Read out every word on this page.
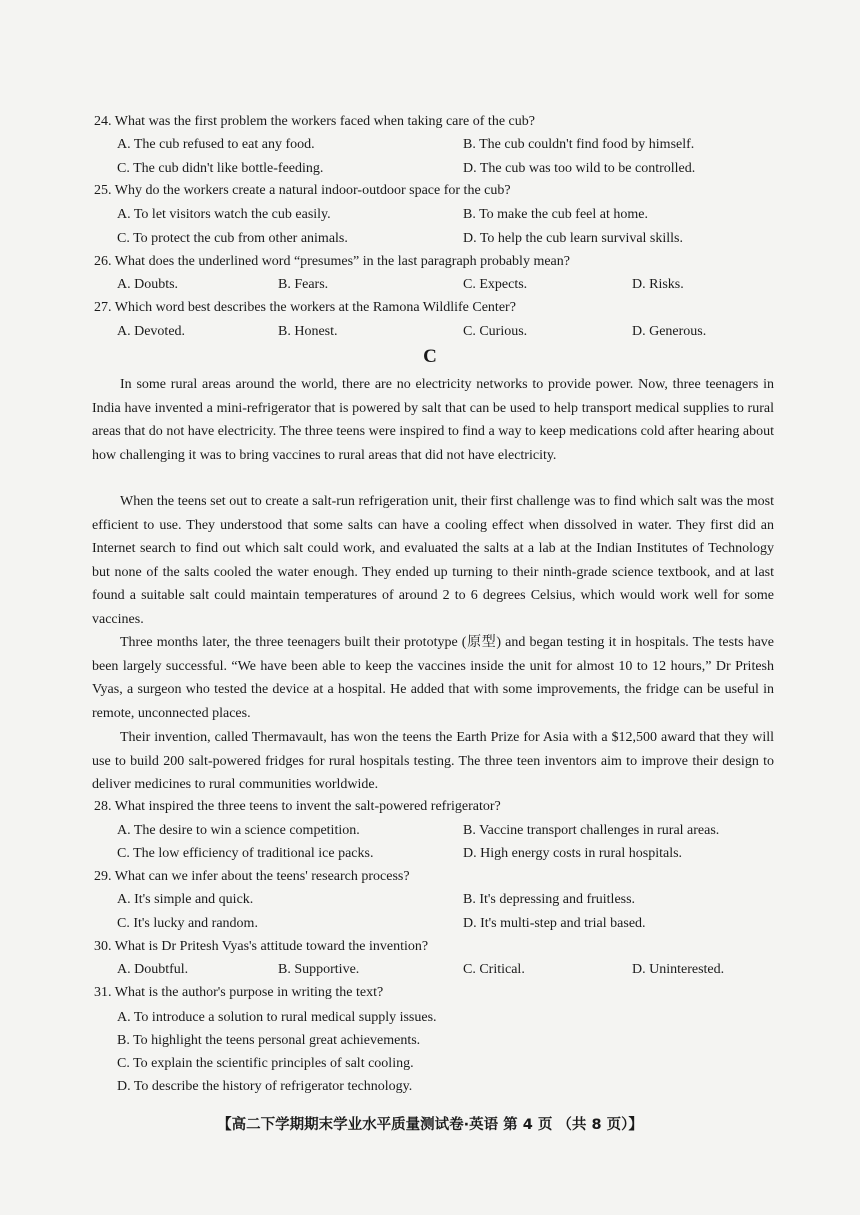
24. What was the first problem the workers faced when taking care of the cub?
A. The cub refused to eat any food.	B. The cub couldn't find food by himself.
C. The cub didn't like bottle-feeding.	D. The cub was too wild to be controlled.
25. Why do the workers create a natural indoor-outdoor space for the cub?
A. To let visitors watch the cub easily.	B. To make the cub feel at home.
C. To protect the cub from other animals.	D. To help the cub learn survival skills.
26. What does the underlined word “presumes” in the last paragraph probably mean?
A. Doubts.	B. Fears.	C. Expects.	D. Risks.
27. Which word best describes the workers at the Ramona Wildlife Center?
A. Devoted.	B. Honest.	C. Curious.	D. Generous.
C

In some rural areas around the world, there are no electricity networks to provide power. Now, three teenagers in India have invented a mini-refrigerator that is powered by salt that can be used to help transport medical supplies to rural areas that do not have electricity. The three teens were inspired to find a way to keep medications cold after hearing about how challenging it was to bring vaccines to rural areas that did not have electricity.

When the teens set out to create a salt-run refrigeration unit, their first challenge was to find which salt was the most efficient to use. They understood that some salts can have a cooling effect when dissolved in water. They first did an Internet search to find out which salt could work, and evaluated the salts at a lab at the Indian Institutes of Technology but none of the salts cooled the water enough. They ended up turning to their ninth-grade science textbook, and at last found a suitable salt could maintain temperatures of around 2 to 6 degrees Celsius, which would work well for some vaccines.

Three months later, the three teenagers built their prototype (原型) and began testing it in hospitals. The tests have been largely successful. “We have been able to keep the vaccines inside the unit for almost 10 to 12 hours,” Dr Pritesh Vyas, a surgeon who tested the device at a hospital. He added that with some improvements, the fridge can be useful in remote, unconnected places.

Their invention, called Thermavault, has won the teens the Earth Prize for Asia with a $12,500 award that they will use to build 200 salt-powered fridges for rural hospitals testing. The three teen inventors aim to improve their design to deliver medicines to rural communities worldwide.

28. What inspired the three teens to invent the salt-powered refrigerator?
A. The desire to win a science competition.	B. Vaccine transport challenges in rural areas.
C. The low efficiency of traditional ice packs.	D. High energy costs in rural hospitals.
29. What can we infer about the teens' research process?
A. It's simple and quick.	B. It's depressing and fruitless.
C. It's lucky and random.	D. It's multi-step and trial based.
30. What is Dr Pritesh Vyas's attitude toward the invention?
A. Doubtful.	B. Supportive.	C. Critical.	D. Uninterested.
31. What is the author's purpose in writing the text?
A. To introduce a solution to rural medical supply issues.
B. To highlight the teens personal great achievements.
C. To explain the scientific principles of salt cooling.
D. To describe the history of refrigerator technology.
【高二下学期期末学业水平质量测试卷·英语 第 4 页 （共 8 页）】
